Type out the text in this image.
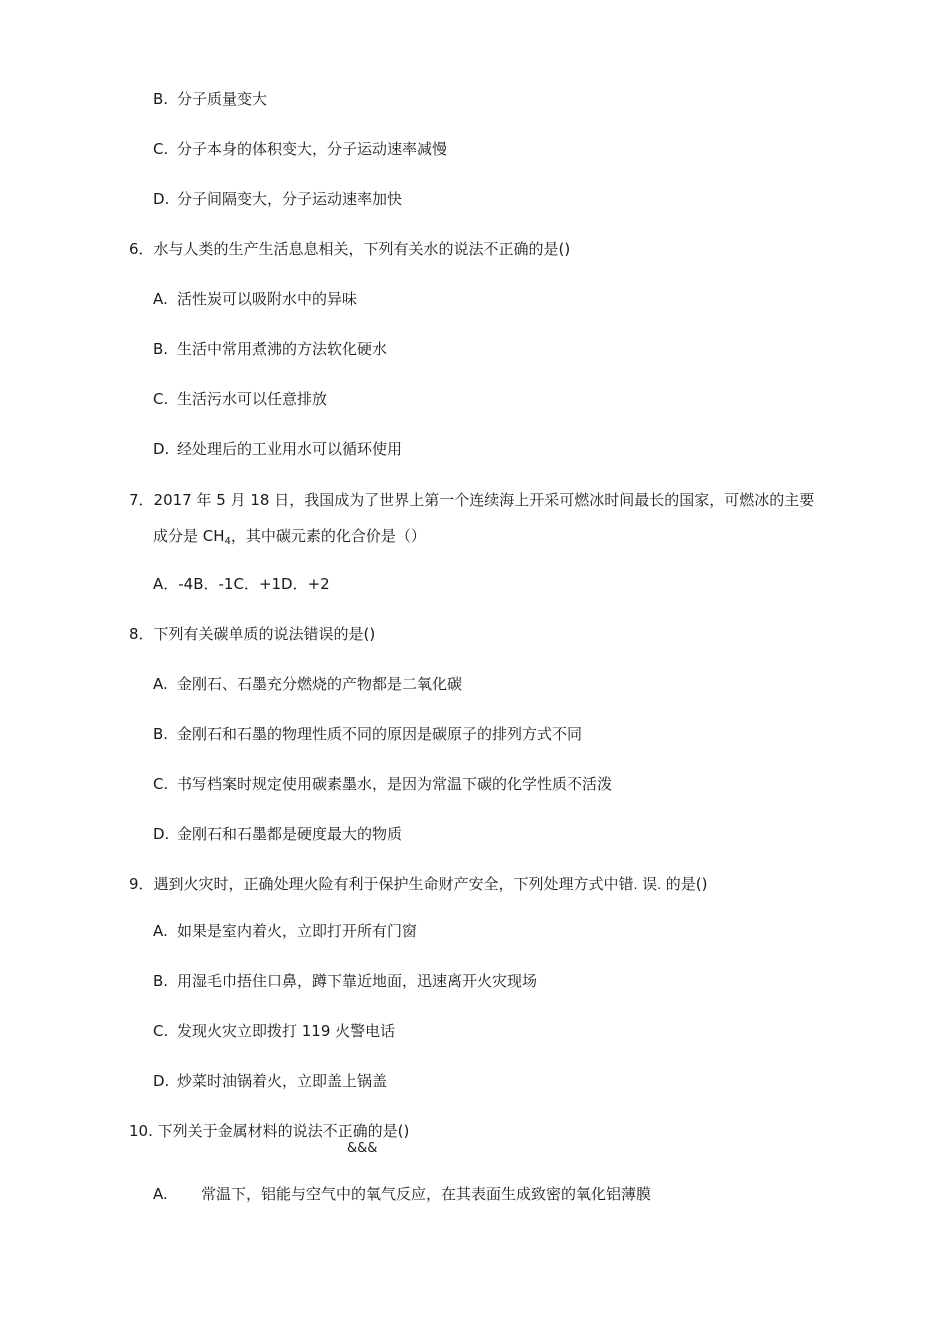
B. 分子质量变大
C. 分子本身的体积变大，分子运动速率减慢
D. 分子间隔变大，分子运动速率加快
6．水与人类的生产生活息息相关，下列有关水的说法不正确的是()
A. 活性炭可以吸附水中的异味
B. 生活中常用煮沸的方法软化硬水
C. 生活污水可以任意排放
D. 经处理后的工业用水可以循环使用
7．2017 年 5 月 18 日，我国成为了世界上第一个连续海上开采可燃冰时间最长的国家，可燃冰的主要
成分是 $CH_4$，其中碳元素的化合价是（）
A．-4B．-1C．+1D．+2
8．下列有关碳单质的说法错误的是()
A. 金刚石、石墨充分燃烧的产物都是二氧化碳
B. 金刚石和石墨的物理性质不同的原因是碳原子的排列方式不同
C. 书写档案时规定使用碳素墨水，是因为常温下碳的化学性质不活泼
D. 金刚石和石墨都是硬度最大的物质
9．遇到火灾时，正确处理火险有利于保护生命财产安全，下列处理方式中错. 误. 的是()
A. 如果是室内着火，立即打开所有门窗
B. 用湿毛巾捂住口鼻，蹲下靠近地面，迅速离开火灾现场
C. 发现火灾立即拨打 119 火警电话
D. 炒菜时油锅着火，立即盖上锅盖
10. 下列关于金属材料的说法不正确的是()
&&&
A. 常温下，铝能与空气中的氧气反应，在其表面生成致密的氧化铝薄膜
